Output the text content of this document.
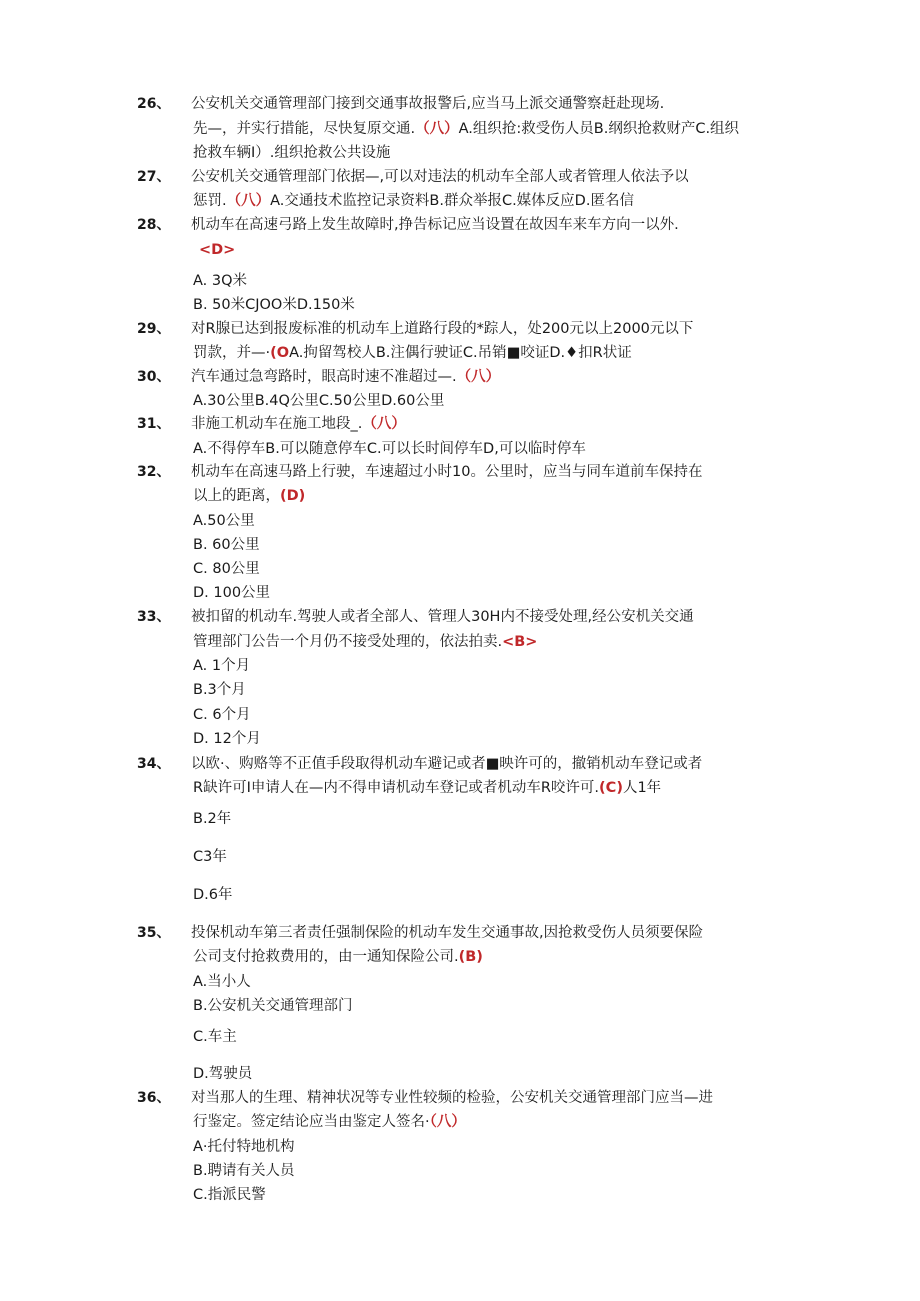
26、 公安机关交通管理部门接到交通事故报警后,应当马上派交通警察赶赴现场.
先—，并实行措能，尽快复原交通.（八）A.组织抢:救受伤人员B.纲织抢救财产C.组织
抢救车辆I）.组织抢救公共设施
27、 公安机关交通管理部门依据—,可以对违法的机动车全部人或者管理人依法予以
惩罚.（八）A.交通技术监控记录资料B.群众举报C.媒体反应D.匿名信
28、 机动车在高速弓路上发生故障时,挣告标记应当设置在故因车来车方向一以外.
<D>
A. 3Q米
B. 50米CJOO米D.150米
29、 对R腺已达到报废标准的机动车上道路行段的*踪人，处200元以上2000元以下
罚款，并—·(OA.拘留驾校人B.注偶行驶证C.吊销■咬证D.♦扣R状证
30、 汽车通过急弯路时，眼高时速不准超过—.（八）
A.30公里B.4Q公里C.50公里D.60公里
31、 非施工机动车在施工地段_.（八）
A.不得停车B.可以随意停车C.可以长时间停车D,可以临时停车
32、 机动车在高速马路上行驶，车速超过小时10。公里时，应当与同车道前车保持在
以上的距离，(D)
A.50公里
B. 60公里
C. 80公里
D. 100公里
33、 被扣留的机动车.驾驶人或者全部人、管理人30H内不接受处理,经公安机关交通
管理部门公告一个月仍不接受处理的，依法拍卖.<B>
A. 1个月
B.3个月
C. 6个月
D. 12个月
34、 以欧·、购赂等不正值手段取得机动车避记或者■映许可的，撤销机动车登记或者
R缺许可I申请人在—内不得申请机动车登记或者机动车R咬许可.(C)人1年
B.2年
C3年
D.6年
35、 投保机动车第三者责任强制保险的机动车发生交通事故,因抢救受伤人员须要保险
公司支付抢救费用的，由一通知保险公司.(B)
A.当小人
B.公安机关交通管理部门
C.车主
D.驾驶员
36、 对当那人的生理、精神状况等专业性较频的检验，公安机关交通管理部门应当—进
行鉴定。签定结论应当由鉴定人签名·（八）
A·托付特地机构
B.聘请有关人员
C.指派民警
